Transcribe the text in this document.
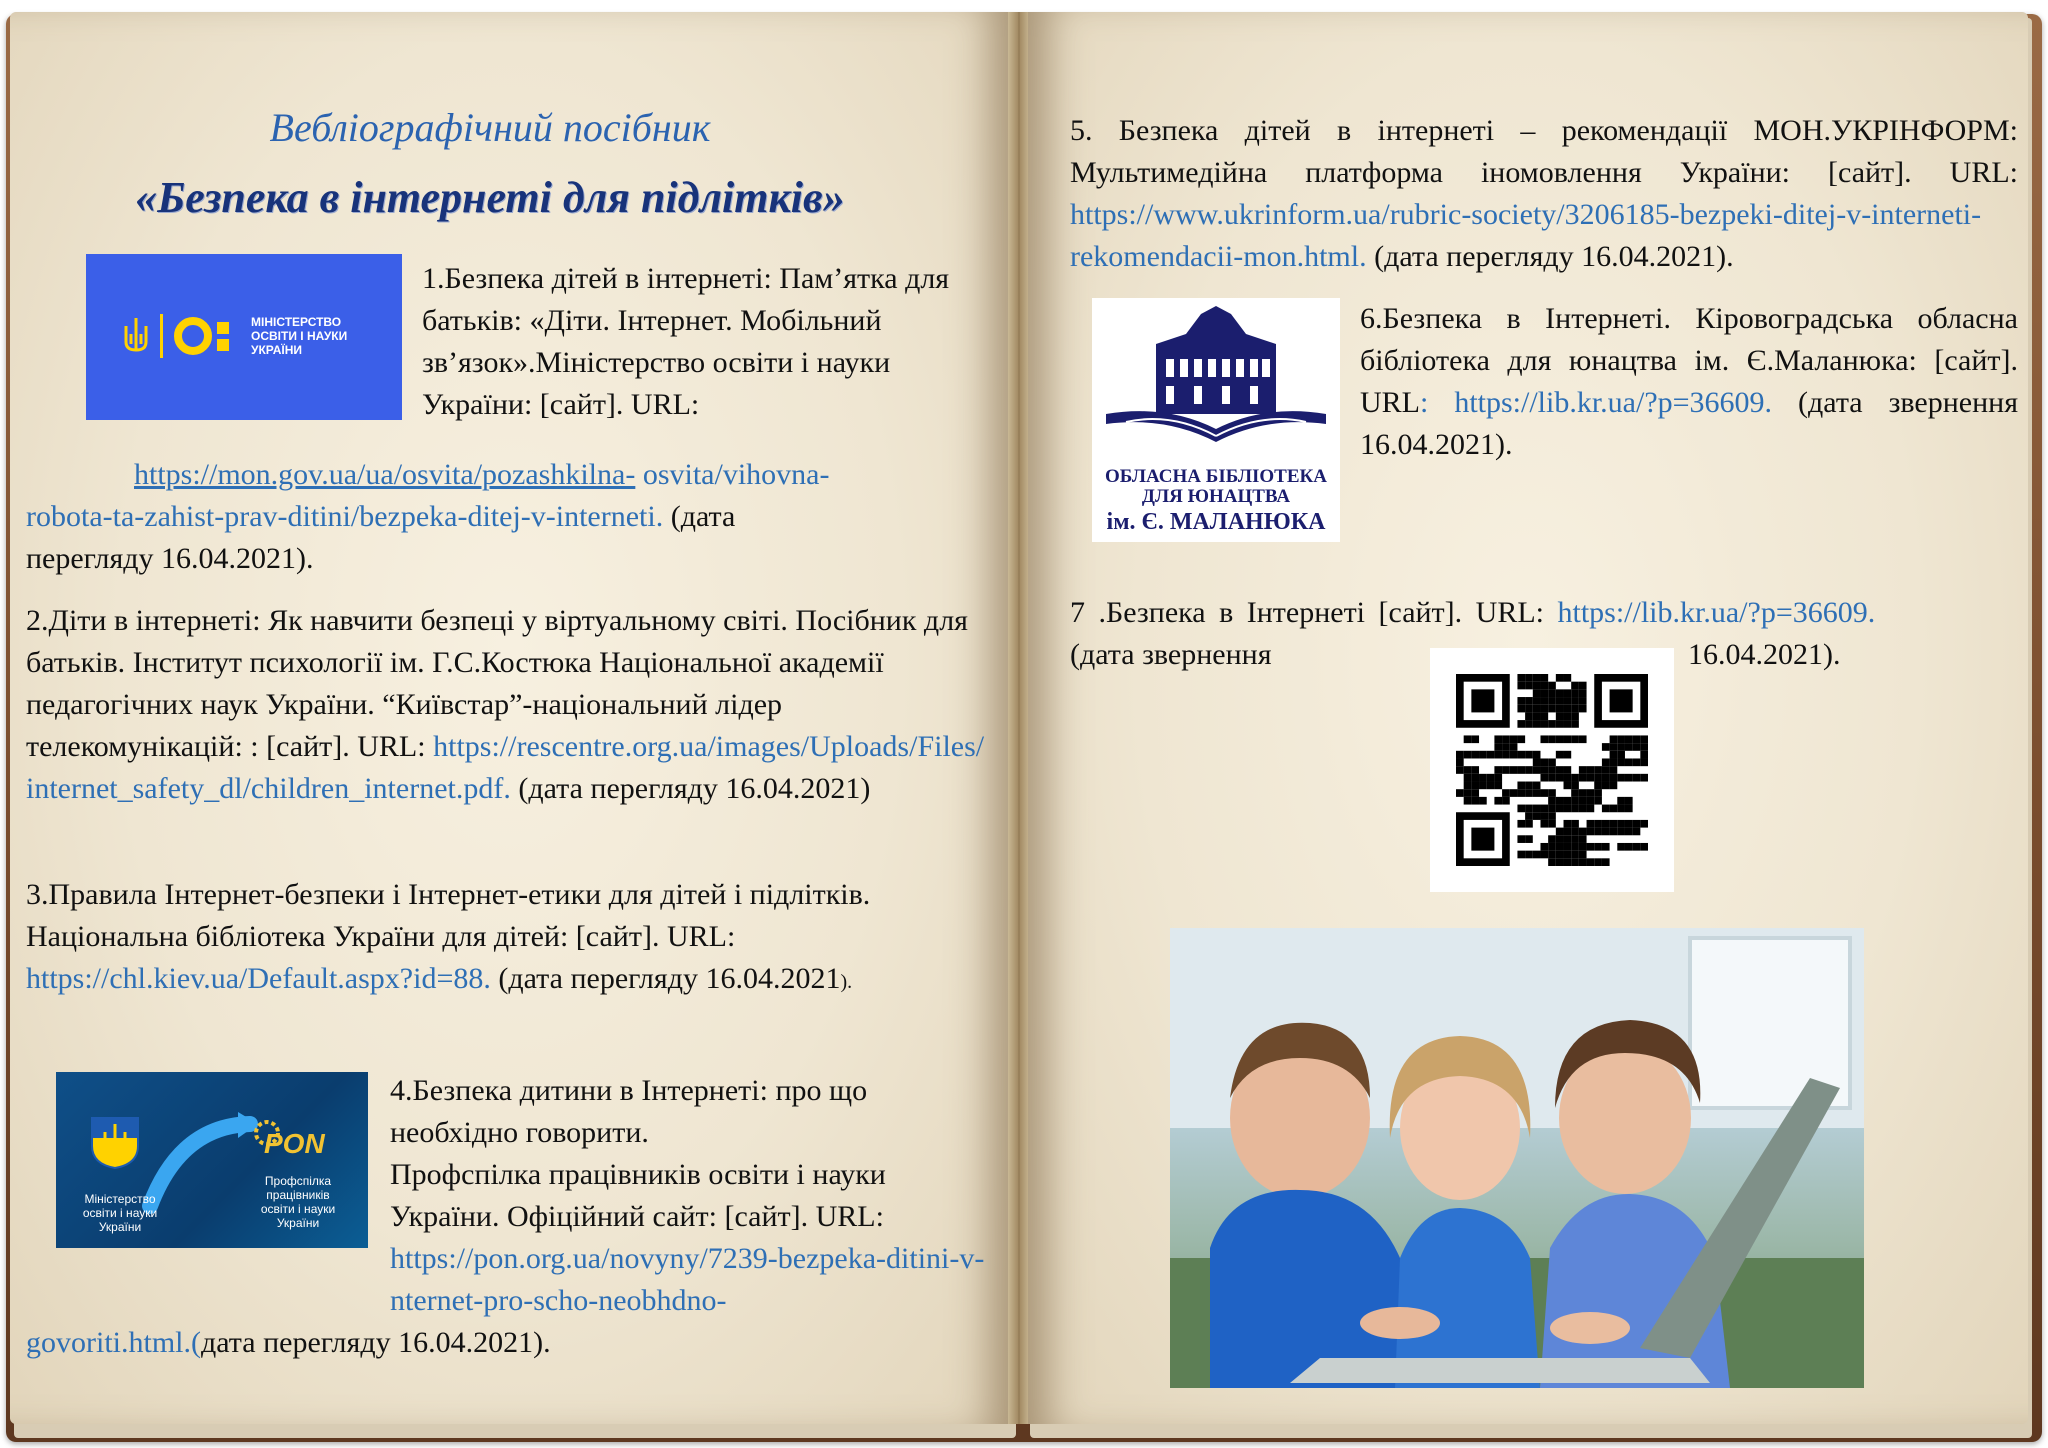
Вебліографічний посібник
«Безпека в інтернеті для підлітків»
МІНІСТЕРСТВО ОСВІТИ І НАУКИ УКРАЇНИ
1.Безпека дітей в інтернеті: Пам’ятка для батьків: «Діти. Інтернет. Мобільний зв’язок».Міністерство освіти і науки України: [сайт]. URL:
https://mon.gov.ua/ua/osvita/pozashkilna- osvita/vihovna-
robota-ta-zahist-prav-ditini/bezpeka-ditej-v-interneti. (дата
перегляду 16.04.2021).
2.Діти в інтернеті: Як навчити безпеці у віртуальному світі. Посібник для батьків. Інститут психології ім. Г.С.Костюка Національної академії педагогічних наук України. “Київстар”-національний лідер телекомунікацій: : [сайт]. URL: https://rescentre.org.ua/images/Uploads/Files/internet_safety_dl/children_internet.pdf. (дата перегляду 16.04.2021)
3.Правила Інтернет-безпеки і Інтернет-етики для дітей і підлітків. Національна бібліотека України для дітей: [сайт]. URL: https://chl.kiev.ua/Default.aspx?id=88. (дата перегляду 16.04.2021).
PON
Міністерство освіти і науки України
Профспілка працівників освіти і науки України
4.Безпека дитини в Інтернеті: про що необхідно говорити.
Профспілка працівників освіти і науки України. Офіційний сайт: [сайт]. URL:
https://pon.org.ua/novyny/7239-bezpeka-ditini-v-nternet-pro-scho-neobhdno-
govoriti.html.(дата перегляду 16.04.2021).
5. Безпека дітей в інтернеті – рекомендації МОН.УКРІНФОРМ: Мультимедійна платформа іномовлення України: [сайт]. URL: https://www.ukrinform.ua/rubric-society/3206185-bezpeki-ditej-v-interneti-rekomendacii-mon.html. (дата перегляду 16.04.2021).
ОБЛАСНА БІБЛІОТЕКА
ДЛЯ ЮНАЦТВА
ім. Є. МАЛАНЮКА
6.Безпека в Інтернеті. Кіровоградська обласна бібліотека для юнацтва ім. Є.Маланюка: [сайт]. URL: https://lib.kr.ua/?p=36609. (дата звернення 16.04.2021).
7 .Безпека в Інтернеті [сайт]. URL: https://lib.kr.ua/?p=36609.
(дата звернення	16.04.2021).
